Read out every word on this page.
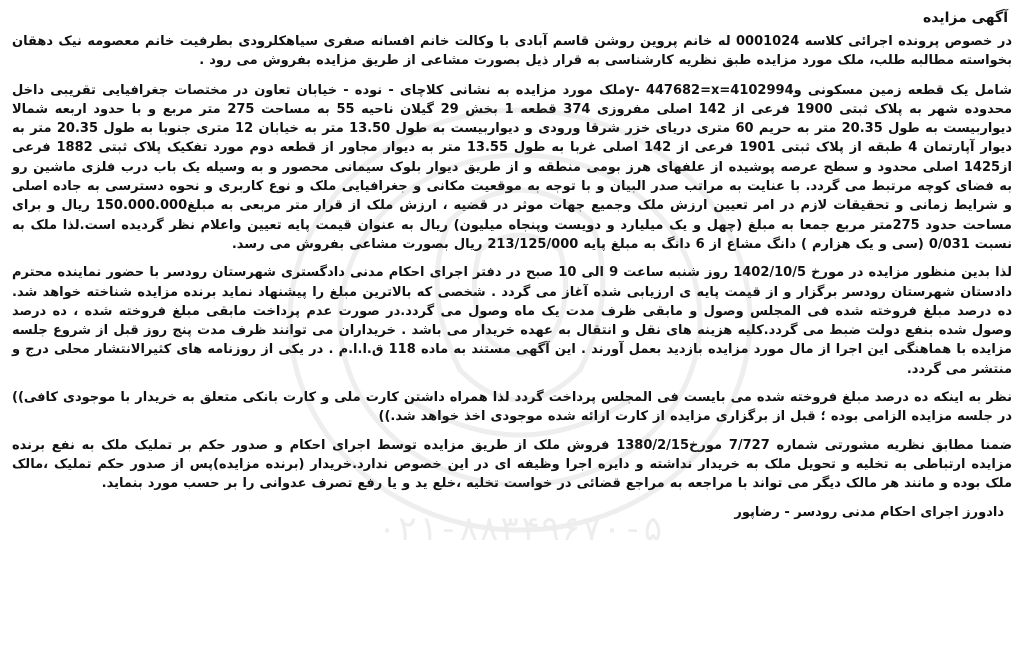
۰۲۱-۸۸۳۴۹۶۷۰-۵
آگهی مزایده

در خصوص پرونده اجرائی کلاسه 0001024 له خانم پروین روشن قاسم آبادی با وکالت خانم افسانه صفری سیاهکلرودی بطرفیت خانم معصومه نیک دهقان بخواسته مطالبه طلب، ملک مورد مزایده طبق نظریه کارشناسی به قرار ذیل بصورت مشاعی از طریق مزایده بفروش می رود .

شامل یک قطعه زمین مسکونی و4102994=y- 447682=xملک مورد مزایده به نشانی کلاچای - نوده - خیابان تعاون در مختصات جغرافیایی تقریبی داخل محدوده شهر به پلاک ثبتی 1900 فرعی از 142 اصلی مفروزی 374 قطعه 1 بخش 29 گیلان ناحیه 55 به مساحت 275 متر مربع و با حدود اربعه شمالا دیواربیست به طول 20.35 متر به حریم 60 متری دریای خزر شرقا ورودی و دیواربیست به طول 13.50 متر به خیابان 12 متری جنوبا به طول 20.35 متر به دیوار آپارتمان 4 طبقه از پلاک ثبتی 1901 فرعی از 142 اصلی غربا به طول 13.55 متر به دیوار مجاور از قطعه دوم مورد تفکیک پلاک ثبتی 1882 فرعی از1425 اصلی محدود و سطح عرصه پوشیده از علفهای هرز بومی منطقه و از طریق دیوار بلوک سیمانی محصور و به وسیله یک باب درب فلزی ماشین رو به فضای کوچه مرتبط می گردد. با عنایت به مراتب صدر البیان و با توجه به موقعیت مکانی و جغرافیایی ملک و نوع کاربری و نحوه دسترسی به جاده اصلی و شرایط زمانی و تحقیقات لازم در امر تعیین ارزش ملک وجمیع جهات موثر در قضیه ، ارزش ملک از قرار متر مربعی به مبلغ150.000.000 ریال و برای مساحت حدود 275متر مربع جمعا به مبلغ (چهل و یک میلیارد و دویست وپنجاه میلیون) ریال به عنوان قیمت پایه تعیین واعلام نظر گردیده است.لذا ملک به نسبت 0/031 (سی و یک هزارم ) دانگ مشاع از 6 دانگ به مبلغ پایه 213/125/000 ریال بصورت مشاعی بفروش می رسد.

لذا بدین منظور مزایده در مورخ 1402/10/5 روز شنبه ساعت 9 الی 10 صبح در دفتر اجرای احکام مدنی دادگستری شهرستان رودسر با حضور نماینده محترم دادستان شهرستان رودسر برگزار و از قیمت پایه ی ارزیابی شده آغاز می گردد . شخصی که بالاترین مبلغ را پیشنهاد نماید برنده مزایده شناخته خواهد شد. ده درصد مبلغ فروخته شده فی المجلس وصول و مابقی ظرف مدت یک ماه وصول می گردد.در صورت عدم پرداخت مابقی مبلغ فروخته شده ، ده درصد وصول شده بنفع دولت ضبط می گردد.کلیه هزینه های نقل و انتقال به عهده خریدار می باشد . خریداران می توانند ظرف مدت پنج روز قبل از شروع جلسه مزایده با هماهنگی این اجرا از مال مورد مزایده بازدید بعمل آورند . این آگهی مستند به ماده 118 ق.ا.ا.م . در یکی از روزنامه های کثیرالانتشار محلی درج و منتشر می گردد.

نظر به اینکه ده درصد مبلغ فروخته شده می بایست فی المجلس پرداخت گردد لذا همراه داشتن کارت ملی و کارت بانکی متعلق به خریدار با موجودی کافی)) در جلسه مزایده الزامی بوده ؛ قبل از برگزاری مزایده از کارت ارائه شده موجودی اخذ خواهد شد.))

ضمنا مطابق نظریه مشورتی شماره 7/727 مورخ1380/2/15 فروش ملک از طریق مزایده توسط اجرای احکام و صدور حکم بر تملیک ملک به نفع برنده مزایده ارتباطی به تخلیه و تحویل ملک به خریدار نداشته و دایره اجرا وظیفه ای در این خصوص ندارد.خریدار (برنده مزایده)پس از صدور حکم تملیک ،مالک ملک بوده و مانند هر مالک دیگر می تواند با مراجعه به مراجع قضائی در خواست تخلیه ،خلع ید و یا رفع تصرف عدوانی را بر حسب مورد بنماید.

دادورز اجرای احکام مدنی رودسر - رضاپور
